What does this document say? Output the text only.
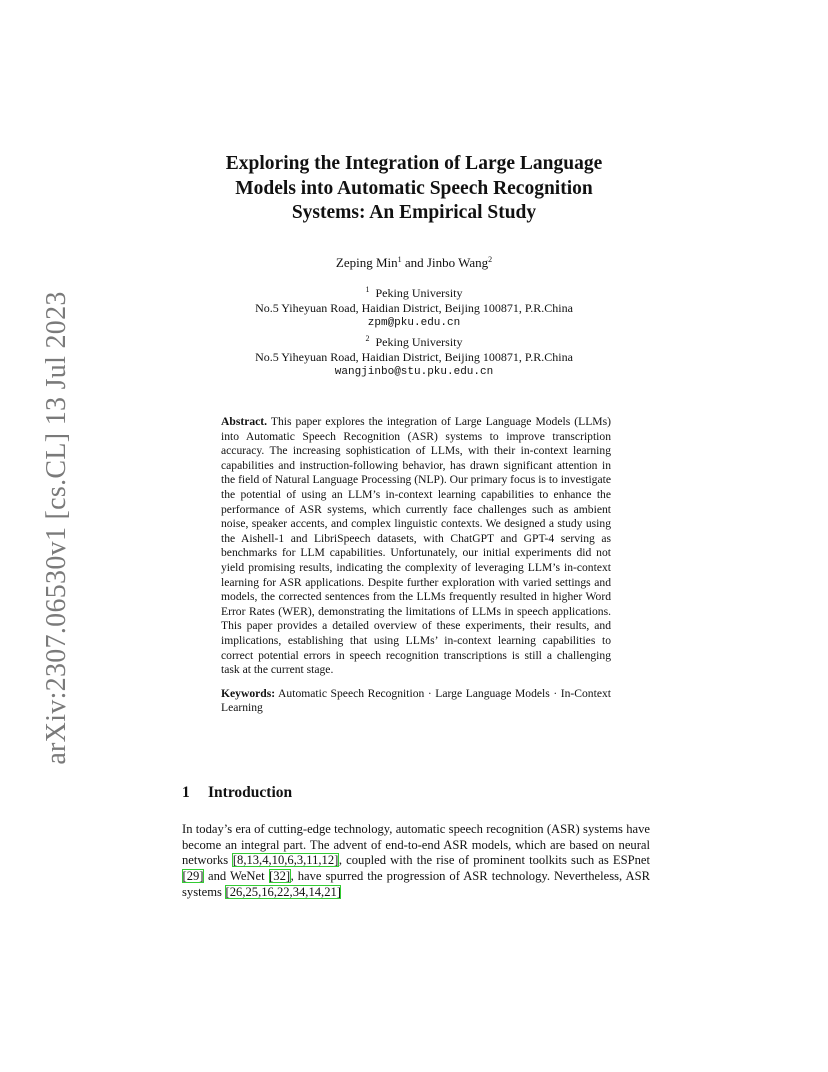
arXiv:2307.06530v1 [cs.CL] 13 Jul 2023
Exploring the Integration of Large Language
Models into Automatic Speech Recognition
Systems: An Empirical Study
Zeping Min$^1$ and Jinbo Wang$^2$
$^1$ Peking University
No.5 Yiheyuan Road, Haidian District, Beijing 100871, P.R.China
zpm@pku.edu.cn
$^2$ Peking University
No.5 Yiheyuan Road, Haidian District, Beijing 100871, P.R.China
wangjinbo@stu.pku.edu.cn
Abstract. This paper explores the integration of Large Language Models (LLMs) into Automatic Speech Recognition (ASR) systems to improve transcription accuracy. The increasing sophistication of LLMs, with their in-context learning capabilities and instruction-following behavior, has drawn significant attention in the field of Natural Language Processing (NLP). Our primary focus is to investigate the potential of using an LLM’s in-context learning capabilities to enhance the performance of ASR systems, which currently face challenges such as ambient noise, speaker accents, and complex linguistic contexts. We designed a study using the Aishell-1 and LibriSpeech datasets, with ChatGPT and GPT-4 serving as benchmarks for LLM capabilities. Unfortunately, our initial experiments did not yield promising results, indicating the complexity of leveraging LLM’s in-context learning for ASR applications. Despite further exploration with varied settings and models, the corrected sentences from the LLMs frequently resulted in higher Word Error Rates (WER), demonstrating the limitations of LLMs in speech applications. This paper provides a detailed overview of these experiments, their results, and implications, establishing that using LLMs’ in-context learning capabilities to correct potential errors in speech recognition transcriptions is still a challenging task at the current stage.
Keywords: Automatic Speech Recognition · Large Language Models · In-Context Learning
1 Introduction
In today’s era of cutting-edge technology, automatic speech recognition (ASR) systems have become an integral part. The advent of end-to-end ASR models, which are based on neural networks [8,13,4,10,6,3,11,12], coupled with the rise of prominent toolkits such as ESPnet [29] and WeNet [32], have spurred the progression of ASR technology. Nevertheless, ASR systems [26,25,16,22,34,14,21]
